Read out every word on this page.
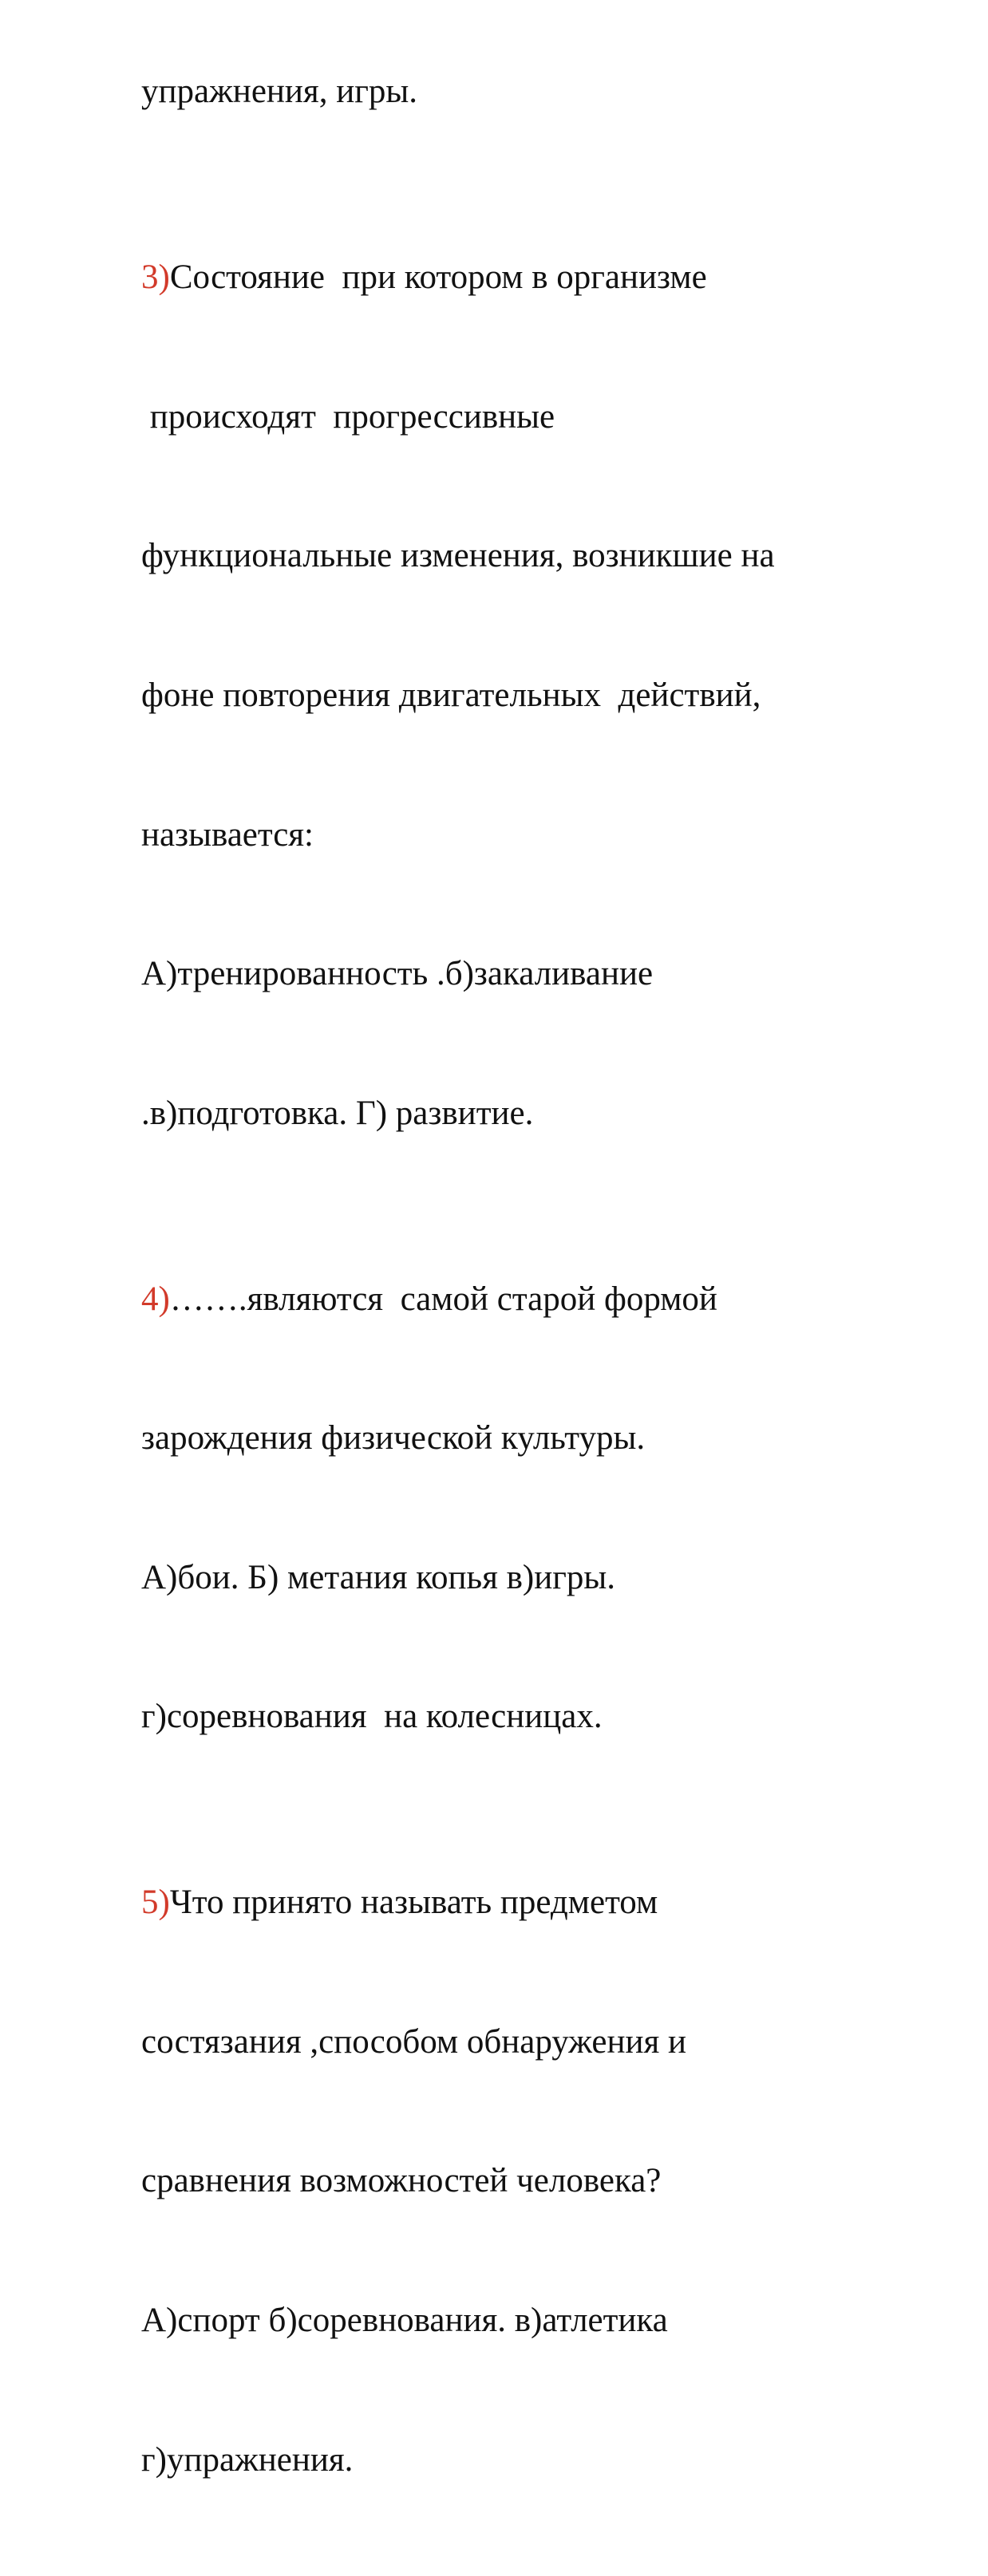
упражнения, игры.

3)Состояние  при котором в организме

происходят  прогрессивные

функциональные изменения, возникшие на

фоне повторения двигательных  действий,

называется:

А)тренированность .б)закаливание

.в)подготовка. Г) развитие.

4)…….являются  самой старой формой

зарождения физической культуры.

А)бои. Б) метания копья в)игры.

г)соревнования  на колесницах.

5)Что принято называть предметом

состязания ,способом обнаружения и

сравнения возможностей человека?

А)спорт б)соревнования. в)атлетика

г)упражнения.
